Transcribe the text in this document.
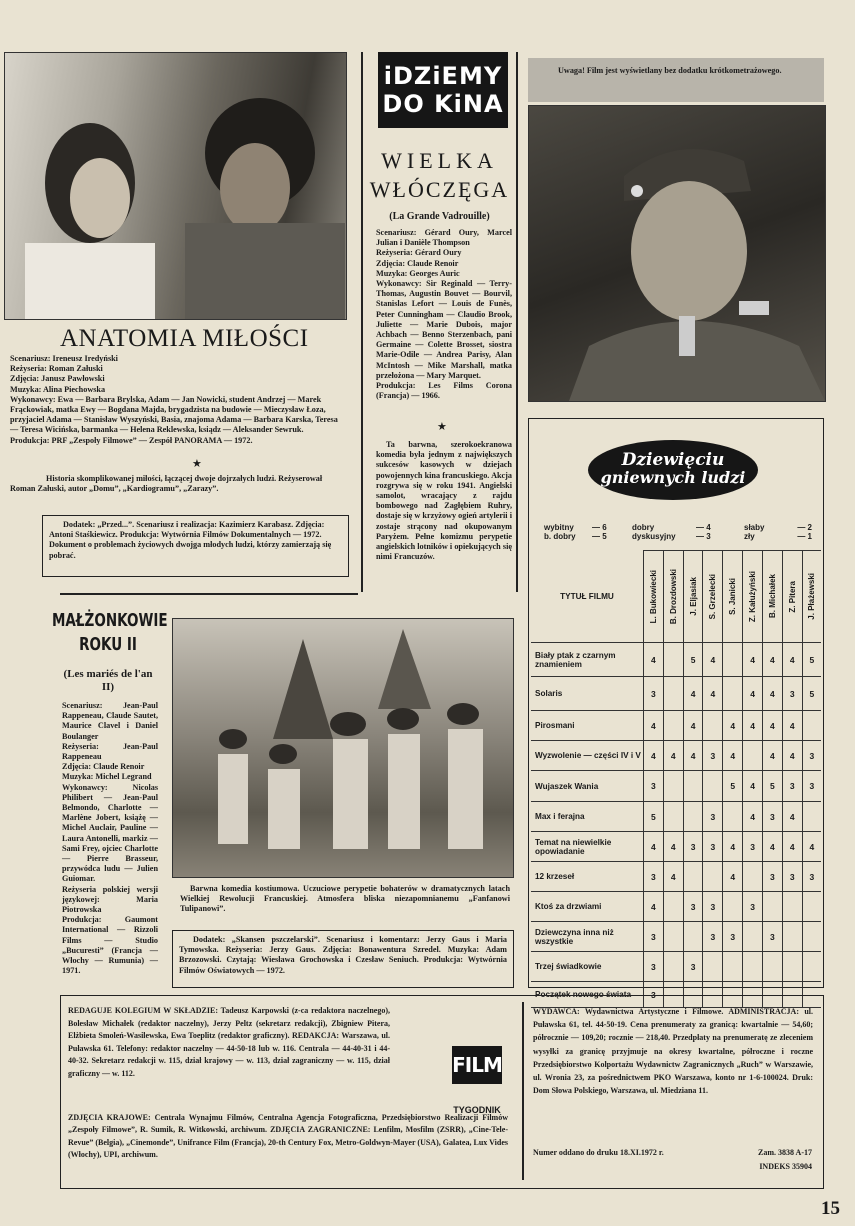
ANATOMIA MIŁOŚCI
Scenariusz: Ireneusz Iredyński
Reżyseria: Roman Załuski
Zdjęcia: Janusz Pawłowski
Muzyka: Alina Piechowska
Wykonawcy: Ewa — Barbara Brylska, Adam — Jan Nowicki, student Andrzej — Marek Frąckowiak, matka Ewy — Bogdana Majda, brygadzista na budowie — Mieczysław Łoza, przyjaciel Adama — Stanisław Wyszyński, Basia, znajoma Adama — Barbara Karska, Teresa — Teresa Wicińska, barmanka — Helena Reklewska, ksiądz — Aleksander Sewruk.
Produkcja: PRF „Zespoły Filmowe” — Zespół PANORAMA — 1972.
★
Historia skomplikowanej miłości, łączącej dwoje dojrzałych ludzi. Reżyserował Roman Załuski, autor „Domu”, „Kardiogramu”, „Zarazy”.
Dodatek: „Przed...”. Scenariusz i realizacja: Kazimierz Karabasz. Zdjęcia: Antoni Staśkiewicz. Produkcja: Wytwórnia Filmów Dokumentalnych — 1972. Dokument o problemach życiowych dwojga młodych ludzi, którzy zamierzają się pobrać.
iDZiEMY
DO KiNA
WIELKA
WŁÓCZĘGA
(La Grande Vadrouille)
Scenariusz: Gérard Oury, Marcel Julian i Danièle Thompson
Reżyseria: Gérard Oury
Zdjęcia: Claude Renoir
Muzyka: Georges Auric
Wykonawcy: Sir Reginald — Terry-Thomas, Augustin Bouvet — Bourvil, Stanislas Lefort — Louis de Funès, Peter Cunningham — Claudio Brook, Juliette — Marie Dubois, major Achbach — Benno Sterzenbach, pani Germaine — Colette Brosset, siostra Marie-Odile — Andrea Parisy, Alan McIntosh — Mike Marshall, matka przełożona — Mary Marquet.
Produkcja: Les Films Corona (Francja) — 1966.
★
Ta barwna, szerokoekranowa komedia była jednym z największych sukcesów kasowych w dziejach powojennych kina francuskiego. Akcja rozgrywa się w roku 1941. Angielski samolot, wracający z rajdu bombowego nad Zagłębiem Ruhry, dostaje się w krzyżowy ogień artylerii i zostaje strącony nad okupowanym Paryżem. Pełne komizmu perypetie angielskich lotników i opiekujących się nimi Francuzów.
Uwaga! Film jest wyświetlany bez dodatku krótkometrażowego.
Dziewięciu
gniewnych ludzi
wybitny	— 6	dobry	— 4	słaby	— 2
b. dobry	— 5	dyskusyjny	— 3	zły	— 1
TYTUŁ FILMU	L. Bukowiecki	B. Drozdowski	J. Eljasiak	S. Grzelecki	S. Janicki	Z. Kałużyński	B. Michałek	Z. Pitera	J. Płażewski

Biały ptak z czarnym znamieniem	4		5	4		4	4	4	5
Solaris	3		4	4		4	4	3	5
Pirosmani	4		4		4	4	4	4	
Wyzwolenie — części IV i V	4	4	4	3	4		4	4	3
Wujaszek Wania	3				5	4	5	3	3
Max i ferajna	5			3		4	3	4	
Temat na niewielkie opowiadanie	4	4	3	3	4	3	4	4	4
12 krzeseł	3	4			4		3	3	3
Ktoś za drzwiami	4		3	3		3			
Dziewczyna inna niż wszystkie	3			3	3		3		
Trzej świadkowie	3		3						
Początek nowego świata	3								
MAŁŻONKOWIE
ROKU II
(Les mariés de l'an II)
Scenariusz: Jean-Paul Rappeneau, Claude Sautet, Maurice Clavel i Daniel Boulanger
Reżyseria: Jean-Paul Rappeneau
Zdjęcia: Claude Renoir
Muzyka: Michel Legrand
Wykonawcy: Nicolas Philibert — Jean-Paul Belmondo, Charlotte — Marlène Jobert, książę — Michel Auclair, Pauline — Laura Antonelli, markiz — Sami Frey, ojciec Charlotte — Pierre Brasseur, przywódca ludu — Julien Guiomar.
Reżyseria polskiej wersji językowej: Maria Piotrowska
Produkcja: Gaumont International — Rizzoli Films — Studio „Bucuresti” (Francja — Włochy — Rumunia) — 1971.
Barwna komedia kostiumowa. Uczuciowe perypetie bohaterów w dramatycznych latach Wielkiej Rewolucji Francuskiej. Atmosfera bliska niezapomnianemu „Fanfanowi Tulipanowi”.
Dodatek: „Skansen pszczelarski”. Scenariusz i komentarz: Jerzy Gaus i Maria Tymowska. Reżyseria: Jerzy Gaus. Zdjęcia: Bonawentura Szredel. Muzyka: Adam Brzozowski. Czytają: Wiesława Grochowska i Czesław Seniuch. Produkcja: Wytwórnia Filmów Oświatowych — 1972.
REDAGUJE KOLEGIUM W SKŁADZIE: Tadeusz Karpowski (z-ca redaktora naczelnego), Bolesław Michałek (redaktor naczelny), Jerzy Peltz (sekretarz redakcji), Zbigniew Pitera, Elżbieta Smoleń-Wasilewska, Ewa Toeplitz (redaktor graficzny). REDAKCJA: Warszawa, ul. Puławska 61. Telefony: redaktor naczelny — 44-50-18 lub w. 116. Centrala — 44-40-31 i 44-40-32. Sekretarz redakcji w. 115, dział krajowy — w. 113, dział zagraniczny — w. 115, dział graficzny — w. 112.
ZDJĘCIA KRAJOWE: Centrala Wynajmu Filmów, Centralna Agencja Fotograficzna, Przedsiębiorstwo Realizacji Filmów „Zespoły Filmowe”, R. Sumik, R. Witkowski, archiwum. ZDJĘCIA ZAGRANICZNE: Lenfilm, Mosfilm (ZSRR), „Cine-Tele-Revue” (Belgia), „Cinemonde”, Unifrance Film (Francja), 20-th Century Fox, Metro-Goldwyn-Mayer (USA), Galatea, Lux Vides (Włochy), UPI, archiwum.
FILM
TYGODNIK
WYDAWCA: Wydawnictwa Artystyczne i Filmowe. ADMINISTRACJA: ul. Puławska 61, tel. 44-50-19. Cena prenumeraty za granicą: kwartalnie — 54,60; półrocznie — 109,20; rocznie — 218,40. Przedpłaty na prenumeratę ze zleceniem wysyłki za granicę przyjmuje na okresy kwartalne, półroczne i roczne Przedsiębiorstwo Kolportażu Wydawnictw Zagranicznych „Ruch” w Warszawie, ul. Wronia 23, za pośrednictwem PKO Warszawa, konto nr 1-6-100024. Druk: Dom Słowa Polskiego, Warszawa, ul. Miedziana 11.
Numer oddano do druku 18.XI.1972 r.	Zam. 3838 A-17
INDEKS 35904
15
